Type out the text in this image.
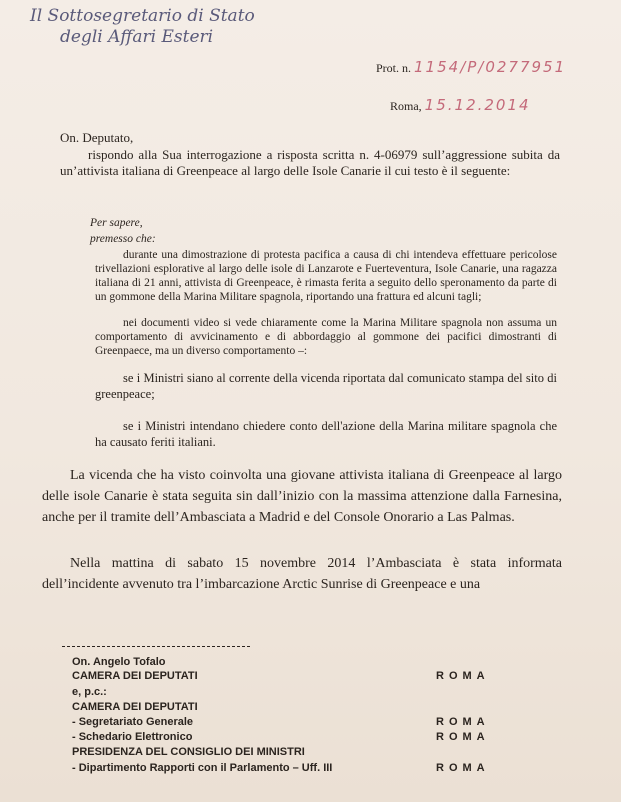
Il Sottosegretario di Stato
degli Affari Esteri
Prot. n. 1154/P/0277951
Roma, 15.12.2014
On. Deputato,
rispondo alla Sua interrogazione a risposta scritta n. 4-06979 sull’aggressione subita da un’attivista italiana di Greenpeace al largo delle Isole Canarie il cui testo è il seguente:
Per sapere,
premesso che:
durante una dimostrazione di protesta pacifica a causa di chi intendeva effettuare pericolose trivellazioni esplorative al largo delle isole di Lanzarote e Fuerteventura, Isole Canarie, una ragazza italiana di 21 anni, attivista di Greenpeace, è rimasta ferita a seguito dello speronamento da parte di un gommone della Marina Militare spagnola, riportando una frattura ed alcuni tagli;
nei documenti video si vede chiaramente come la Marina Militare spagnola non assuma un comportamento di avvicinamento e di abbordaggio al gommone dei pacifici dimostranti di Greenpaece, ma un diverso comportamento –:
se i Ministri siano al corrente della vicenda riportata dal comunicato stampa del sito di greenpeace;
se i Ministri intendano chiedere conto dell'azione della Marina militare spagnola che ha causato feriti italiani.
La vicenda che ha visto coinvolta una giovane attivista italiana di Greenpeace al largo delle isole Canarie è stata seguita sin dall’inizio con la massima attenzione dalla Farnesina, anche per il tramite dell’Ambasciata a Madrid e del Console Onorario a Las Palmas.
Nella mattina di sabato 15 novembre 2014 l’Ambasciata è stata informata dell’incidente avvenuto tra l’imbarcazione Arctic Sunrise di Greenpeace e una
On. Angelo Tofalo
CAMERA DEI DEPUTATI	ROMA
e, p.c.:
CAMERA DEI DEPUTATI
- Segretariato Generale	ROMA
- Schedario Elettronico	ROMA
PRESIDENZA DEL CONSIGLIO DEI MINISTRI
- Dipartimento Rapporti con il Parlamento – Uff. III	ROMA
